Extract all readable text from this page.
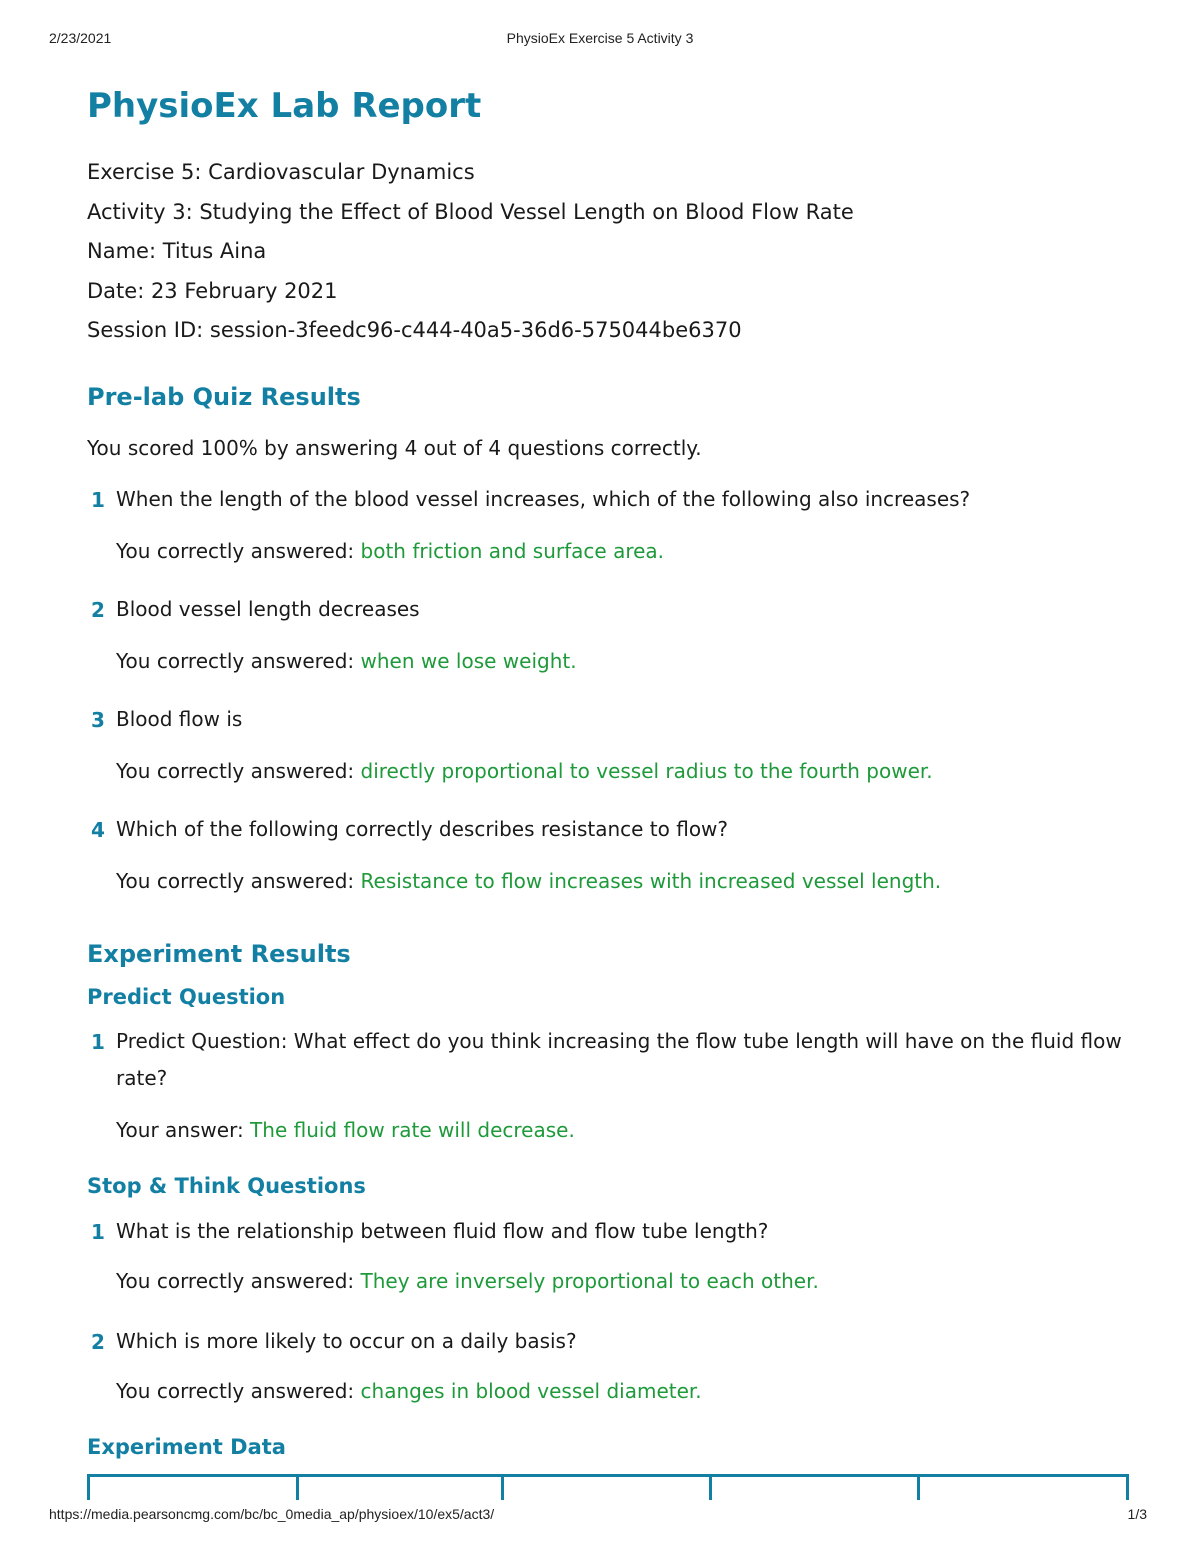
2/23/2021	PhysioEx Exercise 5 Activity 3
PhysioEx Lab Report
Exercise 5: Cardiovascular Dynamics
Activity 3: Studying the Effect of Blood Vessel Length on Blood Flow Rate
Name: Titus Aina
Date: 23 February 2021
Session ID: session-3feedc96-c444-40a5-36d6-575044be6370
Pre-lab Quiz Results
You scored 100% by answering 4 out of 4 questions correctly.
1 When the length of the blood vessel increases, which of the following also increases?
You correctly answered: both friction and surface area.
2 Blood vessel length decreases
You correctly answered: when we lose weight.
3 Blood flow is
You correctly answered: directly proportional to vessel radius to the fourth power.
4 Which of the following correctly describes resistance to flow?
You correctly answered: Resistance to flow increases with increased vessel length.
Experiment Results
Predict Question
1 Predict Question: What effect do you think increasing the flow tube length will have on the fluid flow rate?
Your answer: The fluid flow rate will decrease.
Stop & Think Questions
1 What is the relationship between fluid flow and flow tube length?
You correctly answered: They are inversely proportional to each other.
2 Which is more likely to occur on a daily basis?
You correctly answered: changes in blood vessel diameter.
Experiment Data
https://media.pearsoncmg.com/bc/bc_0media_ap/physioex/10/ex5/act3/	1/3
